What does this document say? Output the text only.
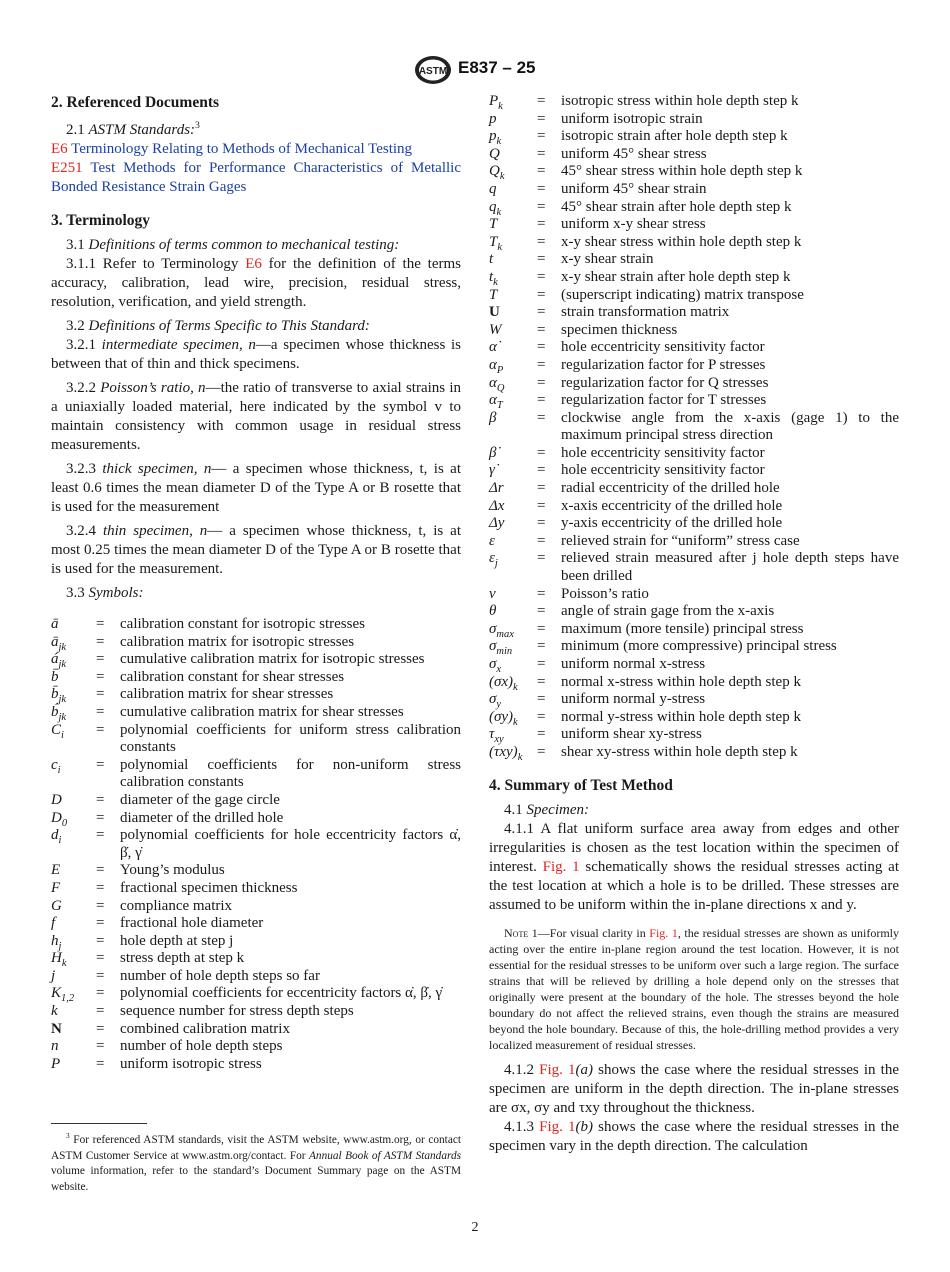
ASTM E837 – 25

2. Referenced Documents

2.1 ASTM Standards:$^3$

E6 Terminology Relating to Methods of Mechanical Testing

E251 Test Methods for Performance Characteristics of Metallic Bonded Resistance Strain Gages

3. Terminology

3.1 Definitions of terms common to mechanical testing:

3.1.1 Refer to Terminology E6 for the definition of the terms accuracy, calibration, lead wire, precision, residual stress, resolution, verification, and yield strength.

3.2 Definitions of Terms Specific to This Standard:

3.2.1 intermediate specimen, n—a specimen whose thickness is between that of thin and thick specimens.

3.2.2 Poisson’s ratio, n—the ratio of transverse to axial strains in a uniaxially loaded material, here indicated by the symbol v to maintain consistency with common usage in residual stress measurements.

3.2.3 thick specimen, n— a specimen whose thickness, t, is at least 0.6 times the mean diameter D of the Type A or B rosette that is used for the measurement

3.2.4 thin specimen, n— a specimen whose thickness, t, is at most 0.25 times the mean diameter D of the Type A or B rosette that is used for the measurement.

3.3 Symbols:

ā	=	calibration constant for isotropic stresses
$ā_{jk}$	=	calibration matrix for isotropic stresses
$á_{jk}$	=	cumulative calibration matrix for isotropic stresses
b̄	=	calibration constant for shear stresses
$b̄_{jk}$	=	calibration matrix for shear stresses
$b́_{jk}$	=	cumulative calibration matrix for shear stresses
$C_i$	=	polynomial coefficients for uniform stress calibration constants
$c_i$	=	polynomial coefficients for non-uniform stress calibration constants
D	=	diameter of the gage circle
$D_0$	=	diameter of the drilled hole
$d_i$	=	polynomial coefficients for hole eccentricity factors α̇, β̇, γ̇
E	=	Young’s modulus
F	=	fractional specimen thickness
G	=	compliance matrix
f	=	fractional hole diameter
$h_j$	=	hole depth at step j
$H_k$	=	stress depth at step k
j	=	number of hole depth steps so far
$K_{1,2}$	=	polynomial coefficients for eccentricity factors α̇, β̇, γ̇
k	=	sequence number for stress depth steps
N	=	combined calibration matrix
n	=	number of hole depth steps
P	=	uniform isotropic stress
$P_k$	=	isotropic stress within hole depth step k
p	=	uniform isotropic strain
$p_k$	=	isotropic strain after hole depth step k
Q	=	uniform 45° shear stress
$Q_k$	=	45° shear stress within hole depth step k
q	=	uniform 45° shear strain
$q_k$	=	45° shear strain after hole depth step k
T	=	uniform x-y shear stress
$T_k$	=	x-y shear stress within hole depth step k
t	=	x-y shear strain
$t_k$	=	x-y shear strain after hole depth step k
T	=	(superscript indicating) matrix transpose
U	=	strain transformation matrix
W	=	specimen thickness
α̇	=	hole eccentricity sensitivity factor
$\alpha_P$	=	regularization factor for P stresses
$\alpha_Q$	=	regularization factor for Q stresses
$\alpha_T$	=	regularization factor for T stresses
β	=	clockwise angle from the x-axis (gage 1) to the maximum principal stress direction
β̇	=	hole eccentricity sensitivity factor
γ̇	=	hole eccentricity sensitivity factor
Δr	=	radial eccentricity of the drilled hole
Δx	=	x-axis eccentricity of the drilled hole
Δy	=	y-axis eccentricity of the drilled hole
ε	=	relieved strain for “uniform” stress case
$\varepsilon_j$	=	relieved strain measured after j hole depth steps have been drilled
v	=	Poisson’s ratio
θ	=	angle of strain gage from the x-axis
$\sigma_{max}$	=	maximum (more tensile) principal stress
$\sigma_{min}$	=	minimum (more compressive) principal stress
$\sigma_x$	=	uniform normal x-stress
$(\sigma x)_k$	=	normal x-stress within hole depth step k
$\sigma_y$	=	uniform normal y-stress
$(\sigma y)_k$	=	normal y-stress within hole depth step k
$\tau_{xy}$	=	uniform shear xy-stress
$(\tau xy)_k$	=	shear xy-stress within hole depth step k

4. Summary of Test Method

4.1 Specimen:

4.1.1 A flat uniform surface area away from edges and other irregularities is chosen as the test location within the specimen of interest. Fig. 1 schematically shows the residual stresses acting at the test location at which a hole is to be drilled. These stresses are assumed to be uniform within the in-plane directions x and y.

Note 1—For visual clarity in Fig. 1, the residual stresses are shown as uniformly acting over the entire in-plane region around the test location. However, it is not essential for the residual stresses to be uniform over such a large region. The surface strains that will be relieved by drilling a hole depend only on the stresses that originally were present at the boundary of the hole. The stresses beyond the hole boundary do not affect the relieved strains, even though the strains are measured beyond the hole boundary. Because of this, the hole-drilling method provides a very localized measurement of residual stresses.

4.1.2 Fig. 1(a) shows the case where the residual stresses in the specimen are uniform in the depth direction. The in-plane stresses are σx, σy and τxy throughout the thickness.

4.1.3 Fig. 1(b) shows the case where the residual stresses in the specimen vary in the depth direction. The calculation

$^3$ For referenced ASTM standards, visit the ASTM website, www.astm.org, or contact ASTM Customer Service at www.astm.org/contact. For Annual Book of ASTM Standards volume information, refer to the standard’s Document Summary page on the ASTM website.

2
